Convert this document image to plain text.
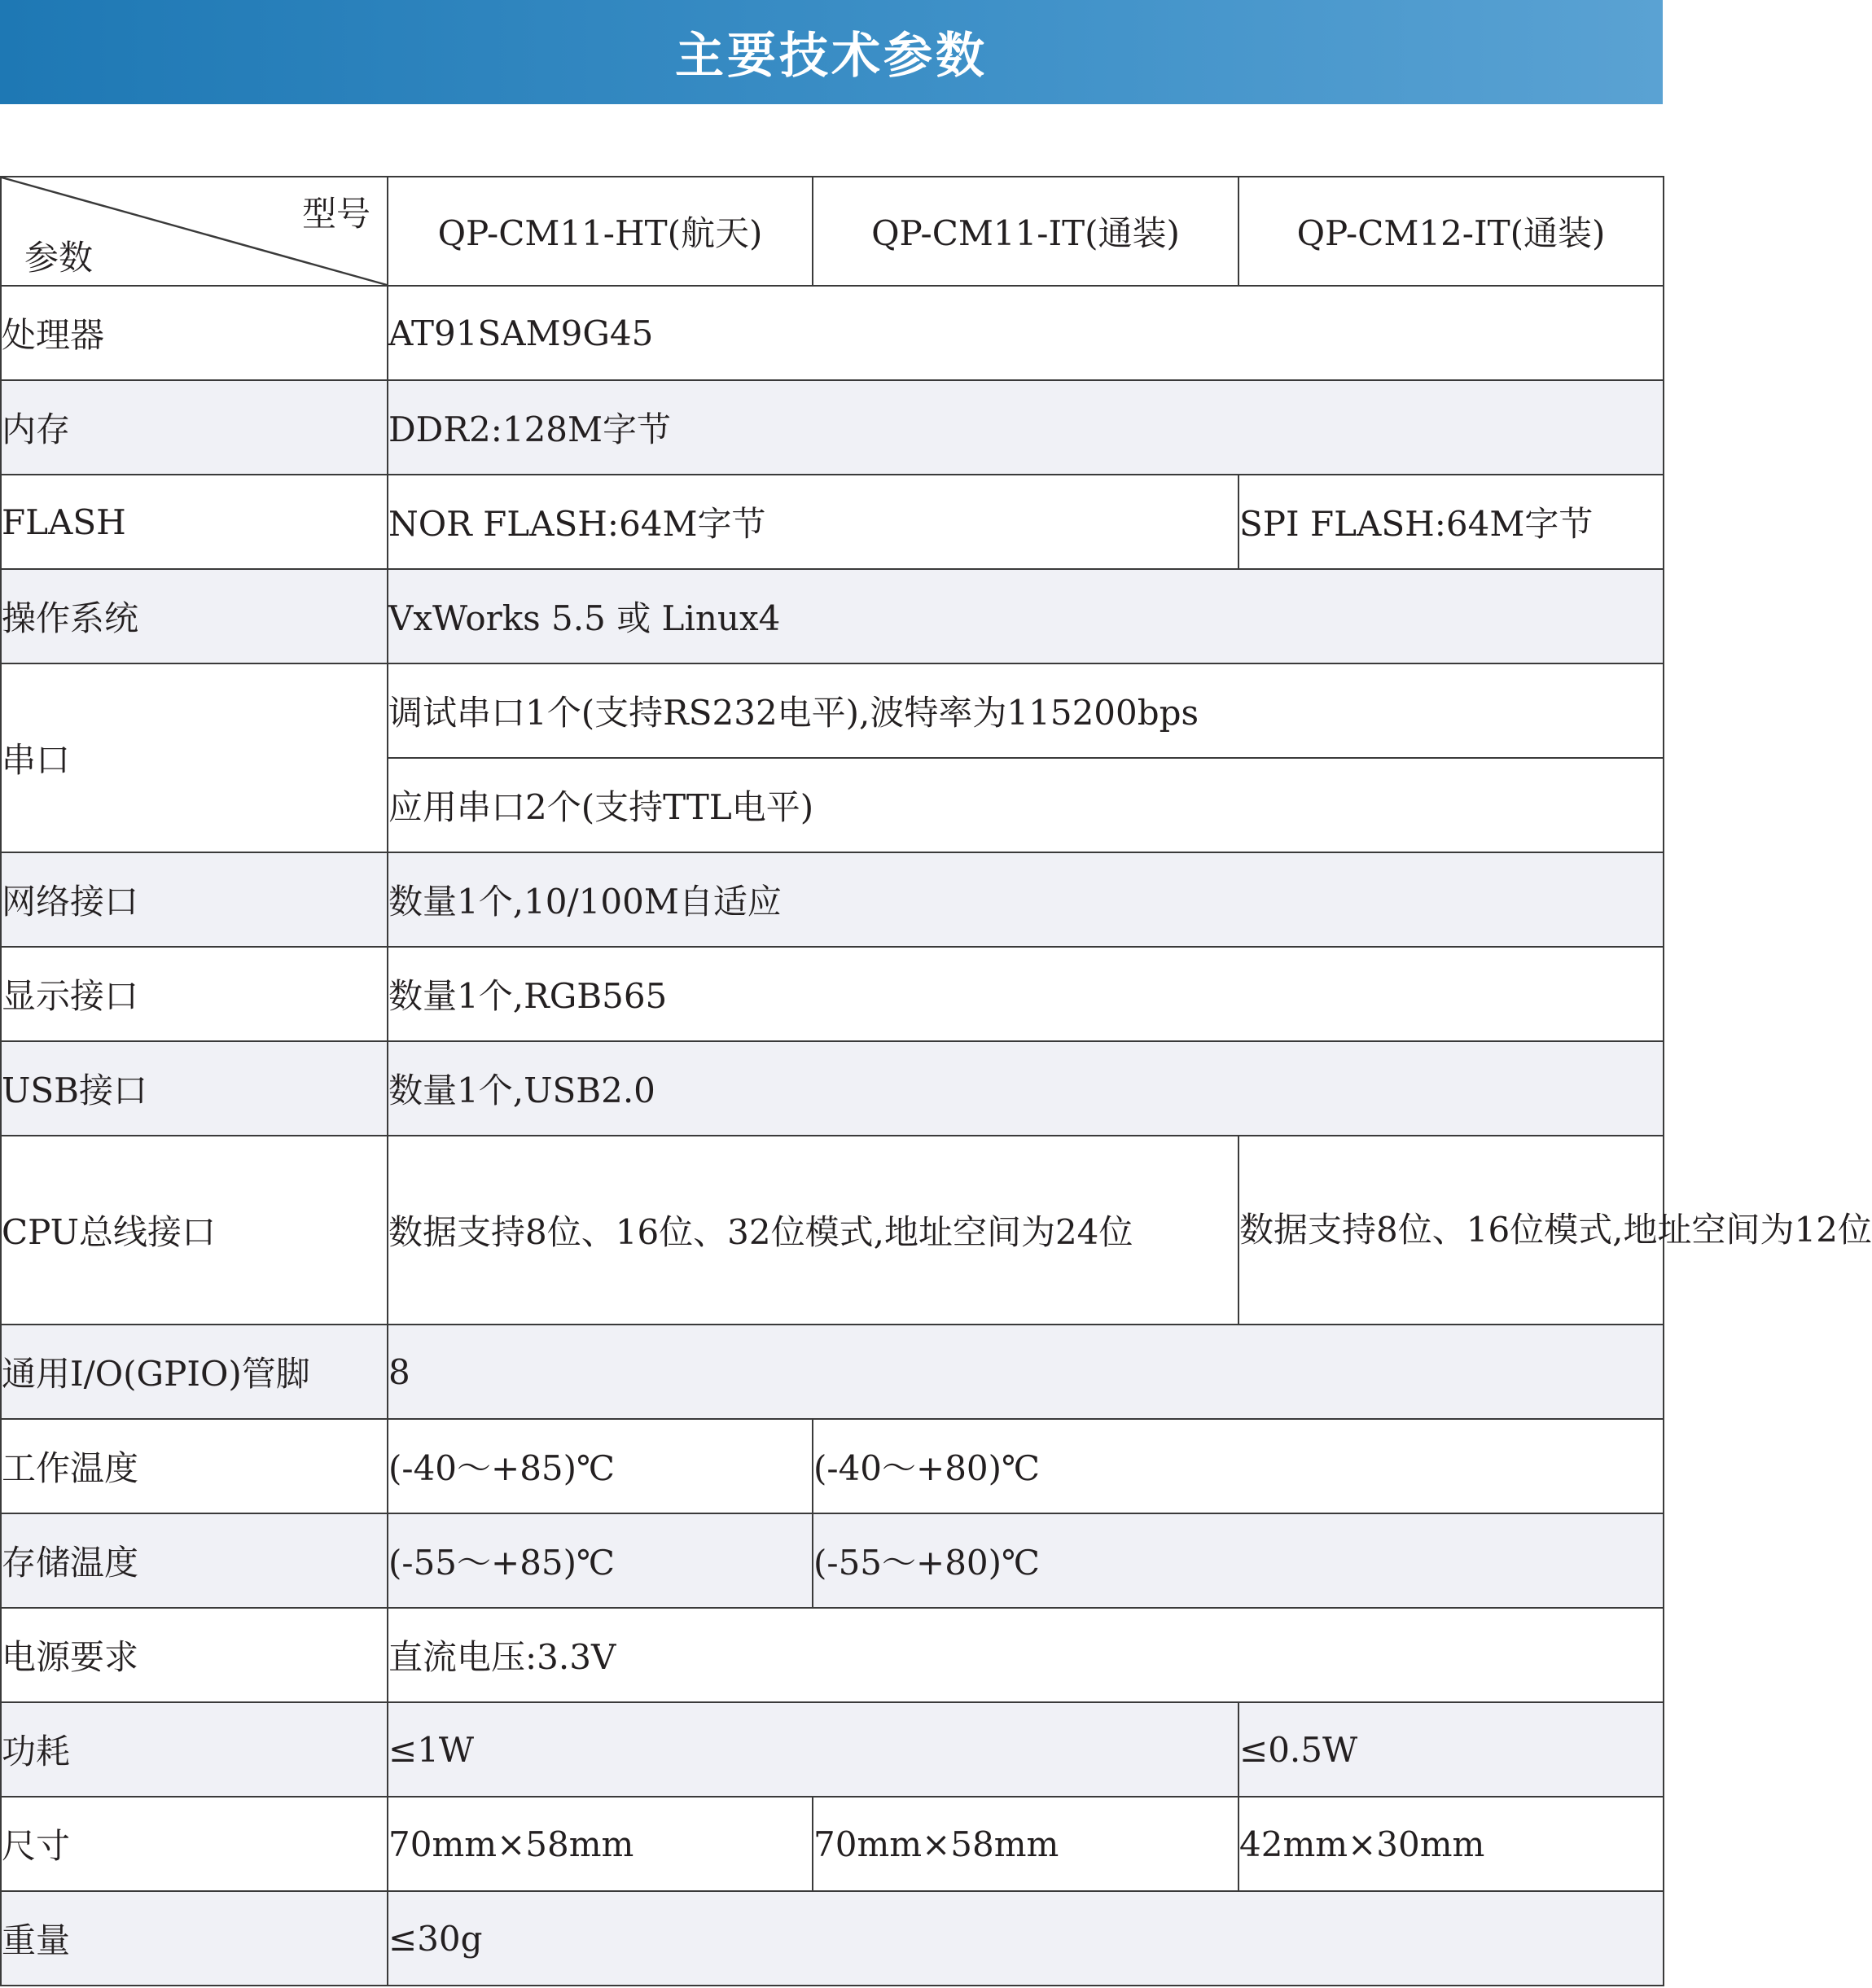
主要技术参数
型号
参数	QP-CM11-HT(航天)	QP-CM11-IT(通装)	QP-CM12-IT(通装)
处理器	AT91SAM9G45		
内存	DDR2:128M字节		
FLASH	NOR FLASH:64M字节		SPI FLASH:64M字节
操作系统	VxWorks 5.5 或 Linux4		
串口	调试串口1个(支持RS232电平),波特率为115200bps		
	应用串口2个(支持TTL电平)		
网络接口	数量1个,10/100M自适应		
显示接口	数量1个,RGB565		
USB接口	数量1个,USB2.0		
CPU总线接口	数据支持8位、16位、32位模式,地址空间为24位		数据支持8位、16位模式,地址空间为12位
通用I/O(GPIO)管脚	8		
工作温度	(-40～+85)℃	(-40～+80)℃	
存储温度	(-55～+85)℃	(-55～+80)℃	
电源要求	直流电压:3.3V		
功耗	≤1W		≤0.5W
尺寸	70mm×58mm	70mm×58mm	42mm×30mm
重量	≤30g		
